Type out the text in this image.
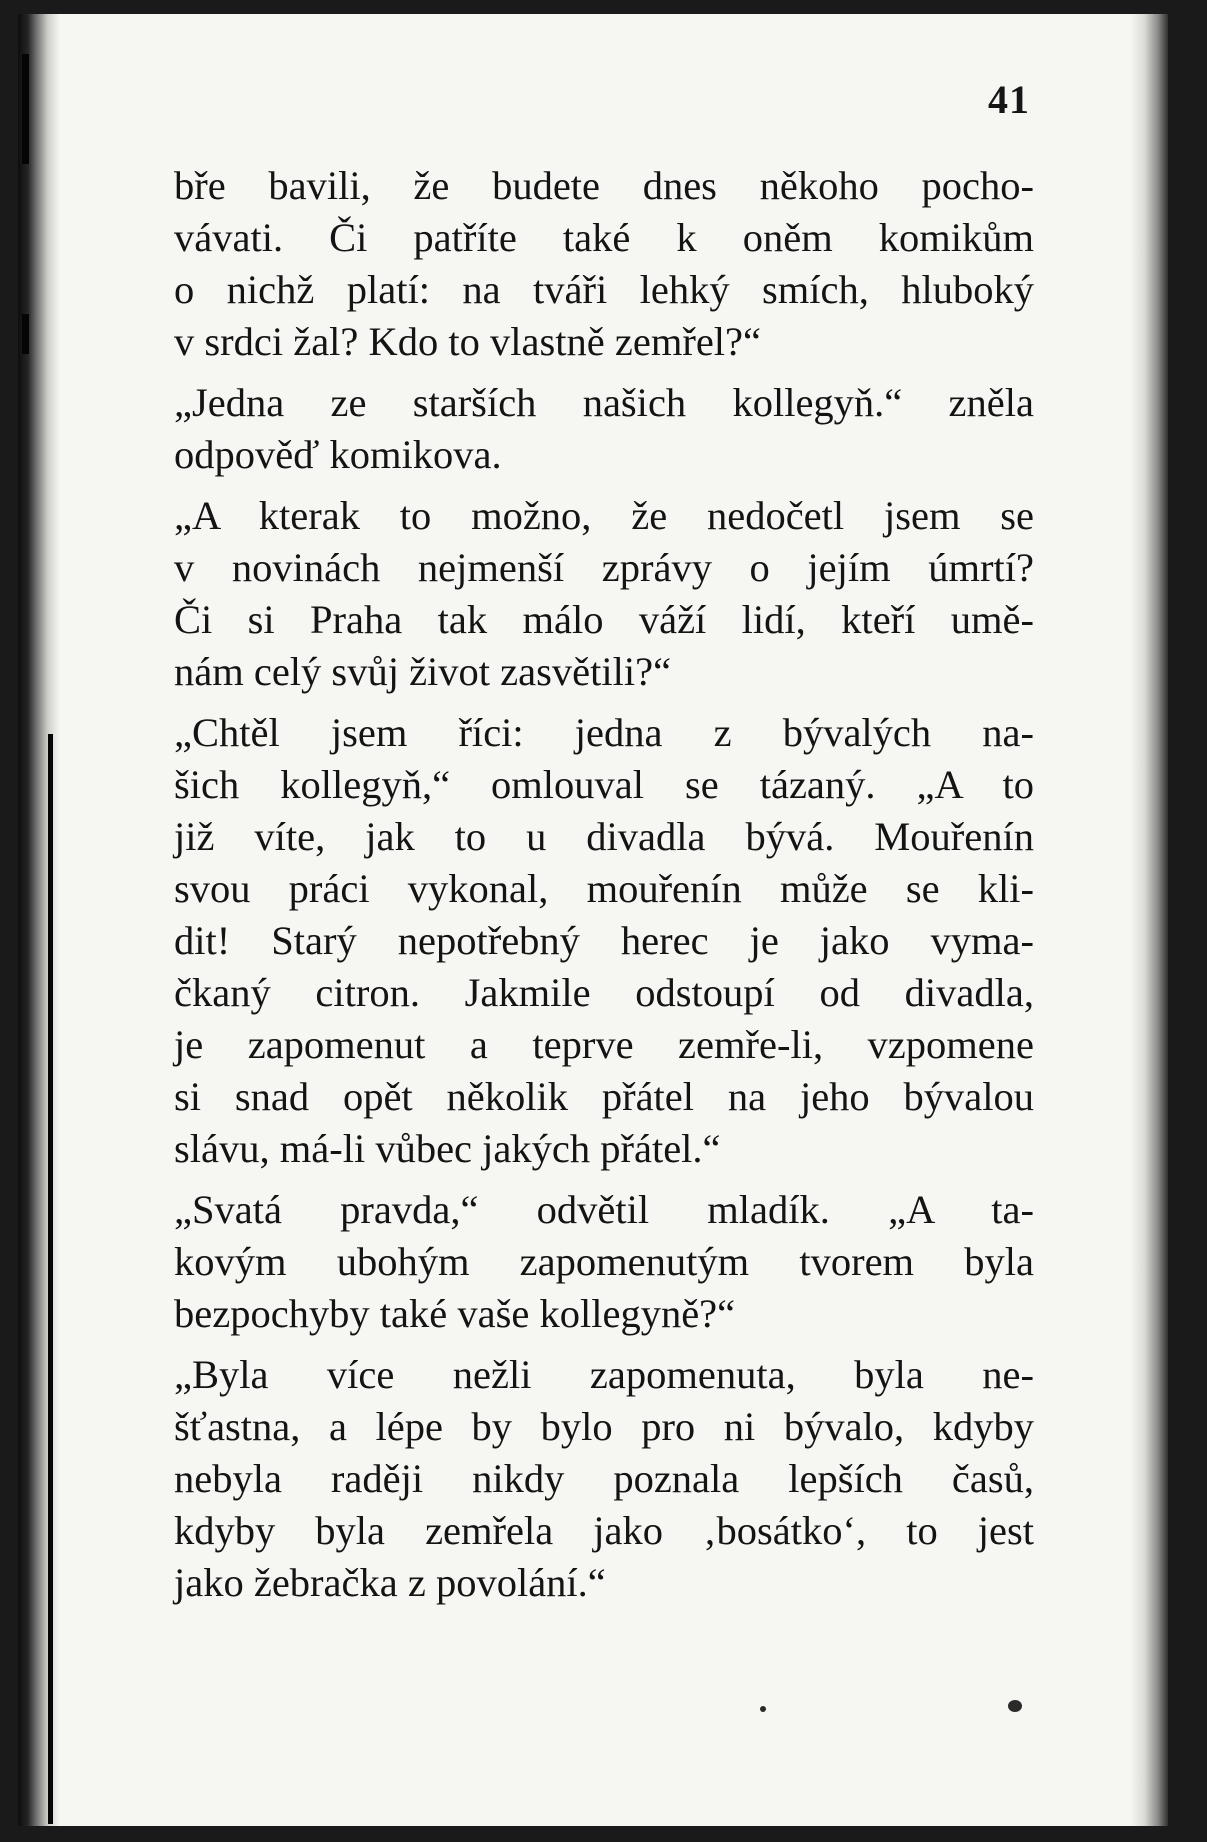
41
bře bavili, že budete dnes někoho pocho-
vávati. Či patříte také k oněm komikům
o nichž platí: na tváři lehký smích, hluboký
v srdci žal? Kdo to vlastně zemřel?“
„Jedna ze starších našich kollegyň.“ zněla
odpověď komikova.
„A kterak to možno, že nedočetl jsem se
v novinách nejmenší zprávy o jejím úmrtí?
Či si Praha tak málo váží lidí, kteří umě-
nám celý svůj život zasvětili?“
„Chtěl jsem říci: jedna z bývalých na-
šich kollegyň,“ omlouval se tázaný. „A to
již víte, jak to u divadla bývá. Mouřenín
svou práci vykonal, mouřenín může se kli-
dit! Starý nepotřebný herec je jako vyma-
čkaný citron. Jakmile odstoupí od divadla,
je zapomenut a teprve zemře-li, vzpomene
si snad opět několik přátel na jeho bývalou
slávu, má-li vůbec jakých přátel.“
„Svatá pravda,“ odvětil mladík. „A ta-
kovým ubohým zapomenutým tvorem byla
bezpochyby také vaše kollegyně?“
„Byla více nežli zapomenuta, byla ne-
šťastna, a lépe by bylo pro ni bývalo, kdyby
nebyla raději nikdy poznala lepších časů,
kdyby byla zemřela jako ‚bosátko‘, to jest
jako žebračka z povolání.“
